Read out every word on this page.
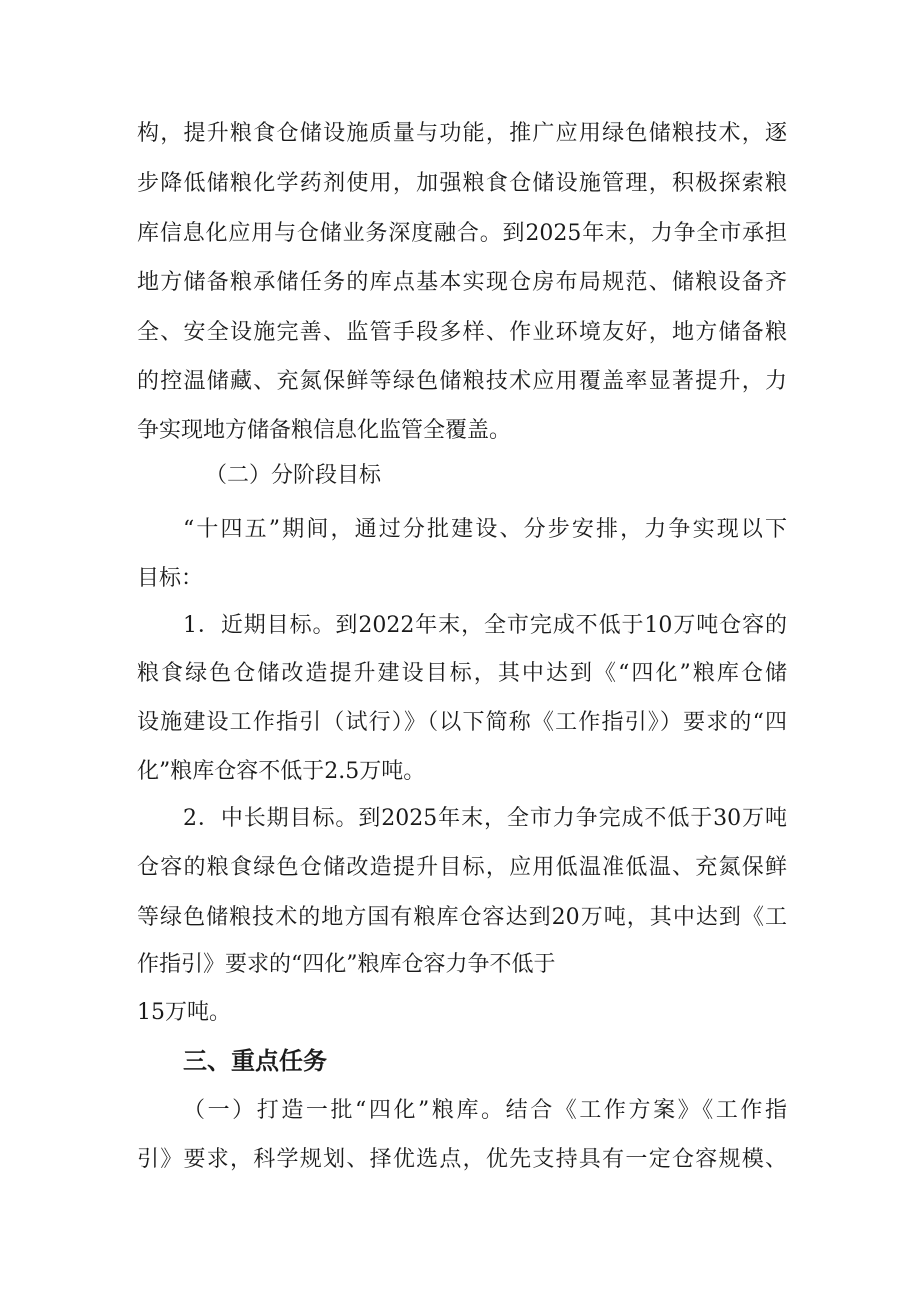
构，提升粮食仓储设施质量与功能，推广应用绿色储粮技术，逐
步降低储粮化学药剂使用，加强粮食仓储设施管理，积极探索粮
库信息化应用与仓储业务深度融合。到2025年末，力争全市承担
地方储备粮承储任务的库点基本实现仓房布局规范、储粮设备齐
全、安全设施完善、监管手段多样、作业环境友好，地方储备粮
的控温储藏、充氮保鲜等绿色储粮技术应用覆盖率显著提升，力
争实现地方储备粮信息化监管全覆盖。
（二）分阶段目标
“十四五”期间，通过分批建设、分步安排，力争实现以下
目标：
1．近期目标。到2022年末，全市完成不低于10万吨仓容的
粮食绿色仓储改造提升建设目标，其中达到《“四化”粮库仓储
设施建设工作指引（试行）》（以下简称《工作指引》）要求的“四
化”粮库仓容不低于2.5万吨。
2．中长期目标。到2025年末，全市力争完成不低于30万吨
仓容的粮食绿色仓储改造提升目标，应用低温准低温、充氮保鲜
等绿色储粮技术的地方国有粮库仓容达到20万吨，其中达到《工
作指引》要求的“四化”粮库仓容力争不低于
15万吨。
三、重点任务
（一）打造一批“四化”粮库。结合《工作方案》《工作指
引》要求，科学规划、择优选点，优先支持具有一定仓容规模、
